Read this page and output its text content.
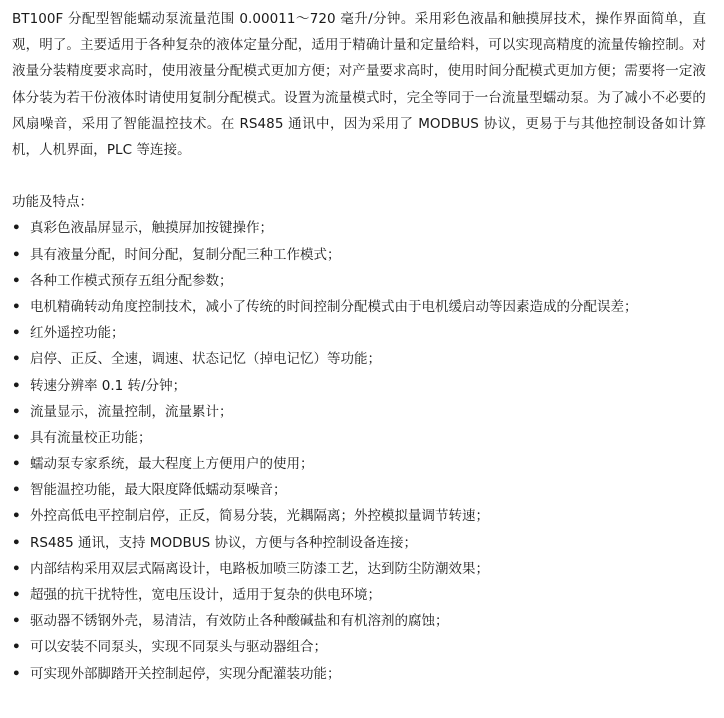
BT100F 分配型智能蠕动泵流量范围 0.00011～720 毫升/分钟。采用彩色液晶和触摸屏技术，操作界面简单，直观，明了。主要适用于各种复杂的液体定量分配，适用于精确计量和定量给料，可以实现高精度的流量传输控制。对液量分装精度要求高时，使用液量分配模式更加方便；对产量要求高时，使用时间分配模式更加方便；需要将一定液体分装为若干份液体时请使用复制分配模式。设置为流量模式时，完全等同于一台流量型蠕动泵。为了减小不必要的风扇噪音，采用了智能温控技术。在 RS485 通讯中，因为采用了 MODBUS 协议，更易于与其他控制设备如计算机，人机界面，PLC 等连接。

功能及特点：
• 真彩色液晶屏显示，触摸屏加按键操作；
• 具有液量分配，时间分配，复制分配三种工作模式；
• 各种工作模式预存五组分配参数；
• 电机精确转动角度控制技术，减小了传统的时间控制分配模式由于电机缓启动等因素造成的分配误差；
• 红外遥控功能；
• 启停、正反、全速，调速、状态记忆（掉电记忆）等功能；
• 转速分辨率 0.1 转/分钟；
• 流量显示，流量控制，流量累计；
• 具有流量校正功能；
• 蠕动泵专家系统，最大程度上方便用户的使用；
• 智能温控功能，最大限度降低蠕动泵噪音；
• 外控高低电平控制启停，正反，简易分装，光耦隔离；外控模拟量调节转速；
• RS485 通讯，支持 MODBUS 协议，方便与各种控制设备连接；
• 内部结构采用双层式隔离设计，电路板加喷三防漆工艺，达到防尘防潮效果；
• 超强的抗干扰特性，宽电压设计，适用于复杂的供电环境；
• 驱动器不锈钢外壳，易清洁，有效防止各种酸碱盐和有机溶剂的腐蚀；
• 可以安装不同泵头，实现不同泵头与驱动器组合；
• 可实现外部脚踏开关控制起停，实现分配灌装功能；
